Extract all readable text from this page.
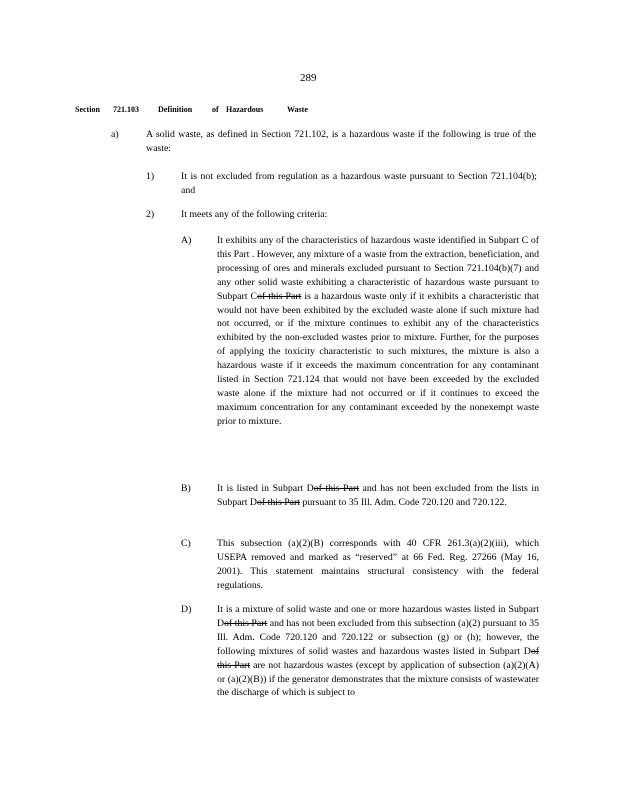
289
Section 721.103 Definition of Hazardous	Waste
a)	A solid waste, as defined in Section 721.102, is a hazardous waste if the following is true of the waste:
1)	It is not excluded from regulation as a hazardous waste pursuant to Section 721.104(b); and
2)	It meets any of the following criteria:
A)	It exhibits any of the characteristics of hazardous waste identified in Subpart C of this Part . However, any mixture of a waste from the extraction, beneficiation, and processing of ores and minerals excluded pursuant to Section 721.104(b)(7) and any other solid waste exhibiting a characteristic of hazardous waste pursuant to Subpart Cof this Part is a hazardous waste only if it exhibits a characteristic that would not have been exhibited by the excluded waste alone if such mixture had not occurred, or if the mixture continues to exhibit any of the characteristics exhibited by the non-excluded wastes prior to mixture. Further, for the purposes of applying the toxicity characteristic to such mixtures, the mixture is also a hazardous waste if it exceeds the maximum concentration for any contaminant listed in Section 721.124 that would not have been exceeded by the excluded waste alone if the mixture had not occurred or if it continues to exceed the maximum concentration for any contaminant exceeded by the nonexempt waste prior to mixture.
B)	It is listed in Subpart Dof this Part and has not been excluded from the lists in Subpart Dof this Part pursuant to 35 Ill. Adm. Code 720.120 and 720.122.
C)	This subsection (a)(2)(B) corresponds with 40 CFR 261.3(a)(2)(iii), which USEPA removed and marked as “reserved” at 66 Fed. Reg. 27266 (May 16, 2001). This statement maintains structural consistency with the federal regulations.
D)	It is a mixture of solid waste and one or more hazardous wastes listed in Subpart Dof this Part and has not been excluded from this subsection (a)(2) pursuant to 35 Ill. Adm. Code 720.120 and 720.122 or subsection (g) or (h); however, the following mixtures of solid wastes and hazardous wastes listed in Subpart Dof this Part are not hazardous wastes (except by application of subsection (a)(2)(A) or (a)(2)(B)) if the generator demonstrates that the mixture consists of wastewater the discharge of which is subject to
